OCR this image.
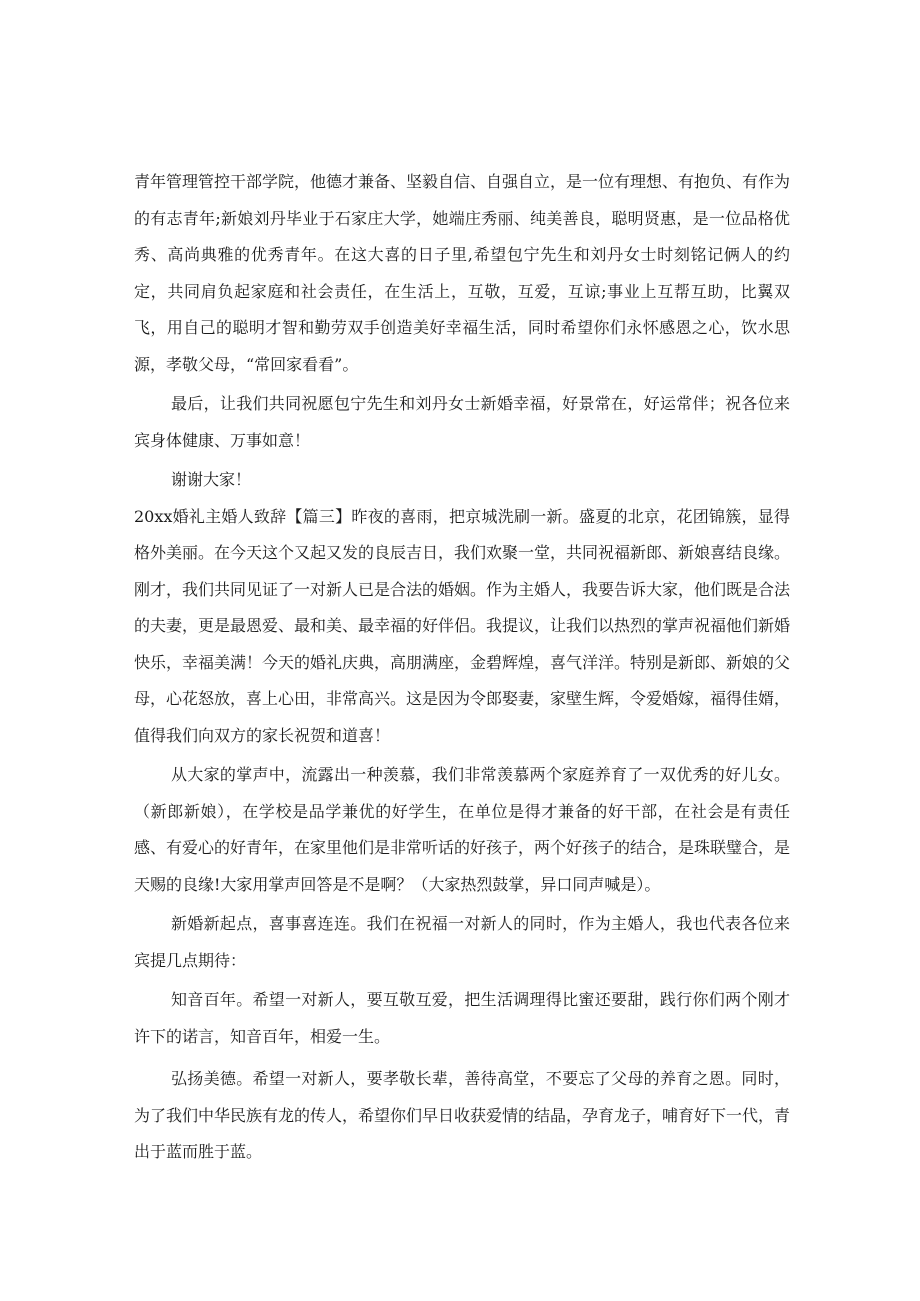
青年管理管控干部学院，他德才兼备、坚毅自信、自强自立，是一位有理想、有抱负、有作为的有志青年;新娘刘丹毕业于石家庄大学，她端庄秀丽、纯美善良，聪明贤惠，是一位品格优秀、高尚典雅的优秀青年。在这大喜的日子里,希望包宁先生和刘丹女士时刻铭记俩人的约定，共同肩负起家庭和社会责任，在生活上，互敬，互爱，互谅;事业上互帮互助，比翼双飞，用自己的聪明才智和勤劳双手创造美好幸福生活，同时希望你们永怀感恩之心，饮水思源，孝敬父母，“常回家看看”。

最后，让我们共同祝愿包宁先生和刘丹女士新婚幸福，好景常在，好运常伴；祝各位来宾身体健康、万事如意！

谢谢大家！

20xx婚礼主婚人致辞【篇三】昨夜的喜雨，把京城洗刷一新。盛夏的北京，花团锦簇，显得格外美丽。在今天这个又起又发的良辰吉日，我们欢聚一堂，共同祝福新郎、新娘喜结良缘。刚才，我们共同见证了一对新人已是合法的婚姻。作为主婚人，我要告诉大家，他们既是合法的夫妻，更是最恩爱、最和美、最幸福的好伴侣。我提议，让我们以热烈的掌声祝福他们新婚快乐，幸福美满！今天的婚礼庆典，高朋满座，金碧辉煌，喜气洋洋。特别是新郎、新娘的父母，心花怒放，喜上心田，非常高兴。这是因为令郎娶妻，家壁生辉，令爱婚嫁，福得佳婿，值得我们向双方的家长祝贺和道喜！

从大家的掌声中，流露出一种羡慕，我们非常羡慕两个家庭养育了一双优秀的好儿女。（新郎新娘），在学校是品学兼优的好学生，在单位是得才兼备的好干部，在社会是有责任感、有爱心的好青年，在家里他们是非常听话的好孩子，两个好孩子的结合，是珠联璧合，是天赐的良缘!大家用掌声回答是不是啊？（大家热烈鼓掌，异口同声喊是）。

新婚新起点，喜事喜连连。我们在祝福一对新人的同时，作为主婚人，我也代表各位来宾提几点期待：

知音百年。希望一对新人，要互敬互爱，把生活调理得比蜜还要甜，践行你们两个刚才许下的诺言，知音百年，相爱一生。

弘扬美德。希望一对新人，要孝敬长辈，善待高堂，不要忘了父母的养育之恩。同时，为了我们中华民族有龙的传人，希望你们早日收获爱情的结晶，孕育龙子，哺育好下一代，青出于蓝而胜于蓝。
